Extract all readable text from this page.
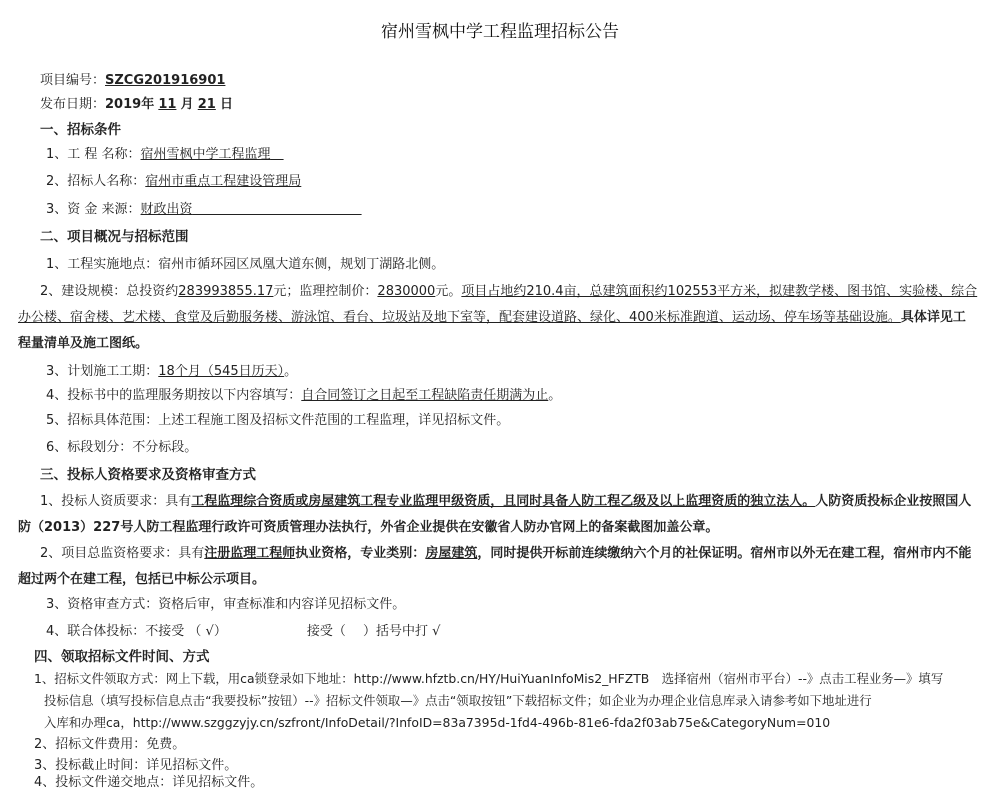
宿州雪枫中学工程监理招标公告
项目编号：SZCG201916901
发布日期：2019年 11 月 21 日
一、招标条件
1、工 程 名称：宿州雪枫中学工程监理　
2、招标人名称：宿州市重点工程建设管理局
3、资 金 来源：财政出资　　　　　　　　　　　　　
二、项目概况与招标范围
1、工程实施地点：宿州市循环园区凤凰大道东侧，规划丁湖路北侧。
2、建设规模：总投资约283993855.17元；监理控制价：2830000元。项目占地约210.4亩，总建筑面积约102553平方米，拟建教学楼、图书馆、实验楼、综合办公楼、宿舍楼、艺术楼、食堂及后勤服务楼、游泳馆、看台、垃圾站及地下室等，配套建设道路、绿化、400米标准跑道、运动场、停车场等基础设施。具体详见工程量清单及施工图纸。
3、计划施工工期：18个月（545日历天）。
4、投标书中的监理服务期按以下内容填写：自合同签订之日起至工程缺陷责任期满为止。
5、招标具体范围：上述工程施工图及招标文件范围的工程监理，详见招标文件。
6、标段划分：不分标段。
三、投标人资格要求及资格审查方式
1、投标人资质要求：具有工程监理综合资质或房屋建筑工程专业监理甲级资质，且同时具备人防工程乙级及以上监理资质的独立法人。人防资质投标企业按照国人防（2013）227号人防工程监理行政许可资质管理办法执行，外省企业提供在安徽省人防办官网上的备案截图加盖公章。
2、项目总监资格要求：具有注册监理工程师执业资格，专业类别：房屋建筑，同时提供开标前连续缴纳六个月的社保证明。宿州市以外无在建工程，宿州市内不能超过两个在建工程，包括已中标公示项目。
3、资格审查方式：资格后审，审查标准和内容详见招标文件。
4、联合体投标：不接受 （ √）	接受（　 ）括号中打 √
四、领取招标文件时间、方式
1、招标文件领取方式：网上下载，用ca锁登录如下地址：http://www.hfztb.cn/HY/HuiYuanInfoMis2_HFZTB　选择宿州（宿州市平台）--》点击工程业务—》填写
投标信息（填写投标信息点击“我要投标”按钮）--》招标文件领取—》点击“领取按钮”下载招标文件；如企业为办理企业信息库录入请参考如下地址进行
入库和办理ca，http://www.szggzyjy.cn/szfront/InfoDetail/?InfoID=83a7395d-1fd4-496b-81e6-fda2f03ab75e&CategoryNum=010
2、招标文件费用：免费。
3、投标截止时间：详见招标文件。
4、投标文件递交地点：详见招标文件。
